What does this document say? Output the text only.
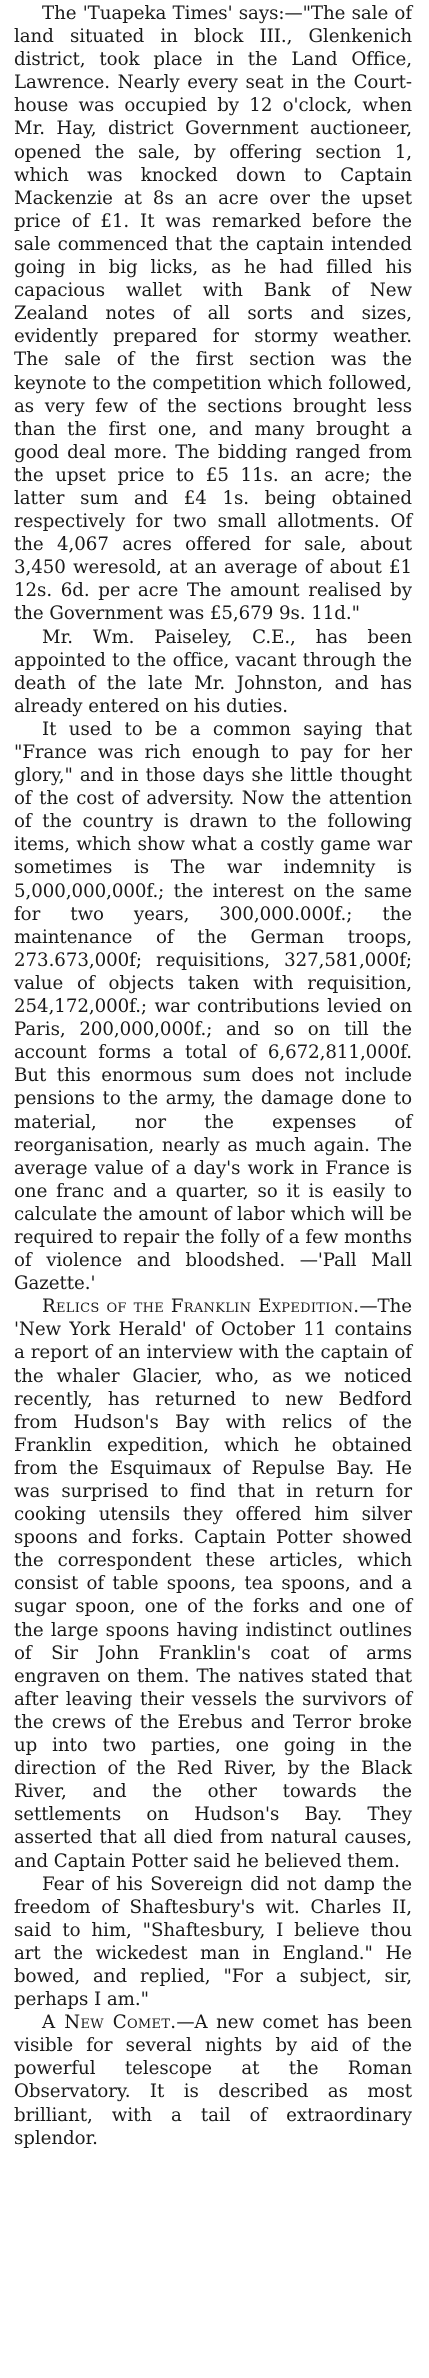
The 'Tuapeka Times' says:—"The sale of land situated in block III., Glenkenich district, took place in the Land Office, Lawrence. Nearly every seat in the Court-house was occupied by 12 o'clock, when Mr. Hay, district Government auctioneer, opened the sale, by offering section 1, which was knocked down to Captain Mackenzie at 8s an acre over the upset price of £1. It was remarked before the sale commenced that the captain intended going in big licks, as he had filled his capacious wallet with Bank of New Zealand notes of all sorts and sizes, evidently prepared for stormy weather. The sale of the first section was the keynote to the competition which followed, as very few of the sections brought less than the first one, and many brought a good deal more. The bidding ranged from the upset price to £5 11s. an acre; the latter sum and £4 1s. being obtained respectively for two small allotments. Of the 4,067 acres offered for sale, about 3,450 weresold, at an average of about £1 12s. 6d. per acre The amount realised by the Government was £5,679 9s. 11d."

Mr. Wm. Paiseley, C.E., has been appointed to the office, vacant through the death of the late Mr. Johnston, and has already entered on his duties.

It used to be a common saying that "France was rich enough to pay for her glory," and in those days she little thought of the cost of adversity. Now the attention of the country is drawn to the following items, which show what a costly game war sometimes is The war indemnity is 5,000,000,000f.; the interest on the same for two years, 300,000.000f.; the maintenance of the German troops, 273.673,000f; requisitions, 327,581,000f; value of objects taken with requisition, 254,172,000f.; war contributions levied on Paris, 200,000,000f.; and so on till the account forms a total of 6,672,811,000f. But this enormous sum does not include pensions to the army, the damage done to material, nor the expenses of reorganisation, nearly as much again. The average value of a day's work in France is one franc and a quarter, so it is easily to calculate the amount of labor which will be required to repair the folly of a few months of violence and bloodshed. —'Pall Mall Gazette.'

Relics of the Franklin Expedition.—The 'New York Herald' of October 11 contains a report of an interview with the captain of the whaler Glacier, who, as we noticed recently, has returned to new Bedford from Hudson's Bay with relics of the Franklin expedition, which he obtained from the Esquimaux of Repulse Bay. He was surprised to find that in return for cooking utensils they offered him silver spoons and forks. Captain Potter showed the correspondent these articles, which consist of table spoons, tea spoons, and a sugar spoon, one of the forks and one of the large spoons having indistinct outlines of Sir John Franklin's coat of arms engraven on them. The natives stated that after leaving their vessels the survivors of the crews of the Erebus and Terror broke up into two parties, one going in the direction of the Red River, by the Black River, and the other towards the settlements on Hudson's Bay. They asserted that all died from natural causes, and Captain Potter said he believed them.

Fear of his Sovereign did not damp the freedom of Shaftesbury's wit. Charles II, said to him, "Shaftesbury, I believe thou art the wickedest man in England." He bowed, and replied, "For a subject, sir, perhaps I am."

A New Comet.—A new comet has been visible for several nights by aid of the powerful telescope at the Roman Observatory. It is described as most brilliant, with a tail of extraordinary splendor.
